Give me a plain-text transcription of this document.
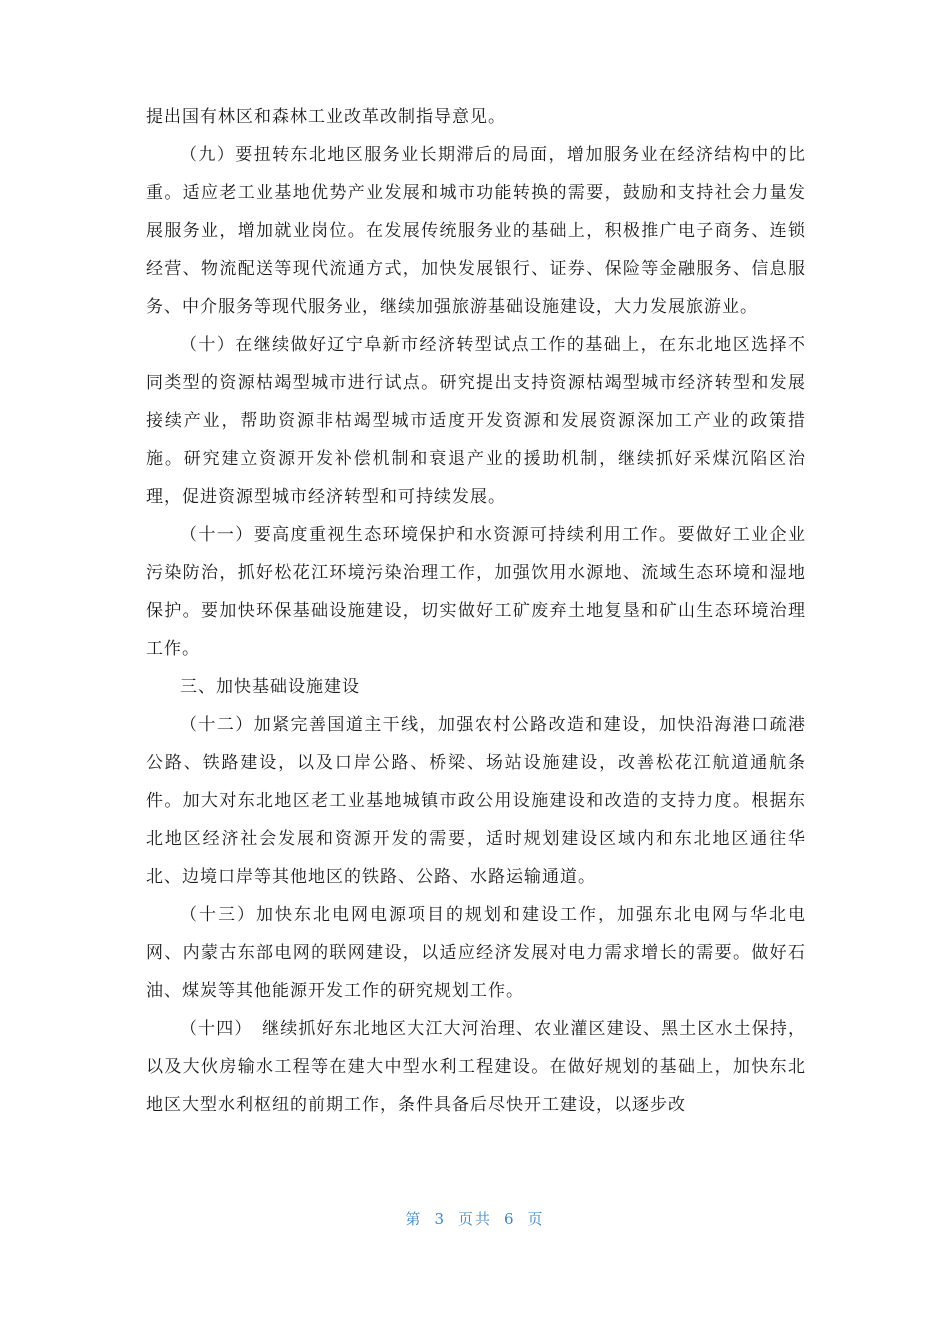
提出国有林区和森林工业改革改制指导意见。

（九）要扭转东北地区服务业长期滞后的局面，增加服务业在经济结构中的比重。适应老工业基地优势产业发展和城市功能转换的需要，鼓励和支持社会力量发展服务业，增加就业岗位。在发展传统服务业的基础上，积极推广电子商务、连锁经营、物流配送等现代流通方式，加快发展银行、证券、保险等金融服务、信息服务、中介服务等现代服务业，继续加强旅游基础设施建设，大力发展旅游业。

（十）在继续做好辽宁阜新市经济转型试点工作的基础上，在东北地区选择不同类型的资源枯竭型城市进行试点。研究提出支持资源枯竭型城市经济转型和发展接续产业，帮助资源非枯竭型城市适度开发资源和发展资源深加工产业的政策措施。研究建立资源开发补偿机制和衰退产业的援助机制，继续抓好采煤沉陷区治理，促进资源型城市经济转型和可持续发展。

（十一）要高度重视生态环境保护和水资源可持续利用工作。要做好工业企业污染防治，抓好松花江环境污染治理工作，加强饮用水源地、流域生态环境和湿地保护。要加快环保基础设施建设，切实做好工矿废弃土地复垦和矿山生态环境治理工作。

三、加快基础设施建设

（十二）加紧完善国道主干线，加强农村公路改造和建设，加快沿海港口疏港公路、铁路建设，以及口岸公路、桥梁、场站设施建设，改善松花江航道通航条件。加大对东北地区老工业基地城镇市政公用设施建设和改造的支持力度。根据东北地区经济社会发展和资源开发的需要，适时规划建设区域内和东北地区通往华北、边境口岸等其他地区的铁路、公路、水路运输通道。

（十三）加快东北电网电源项目的规划和建设工作，加强东北电网与华北电网、内蒙古东部电网的联网建设，以适应经济发展对电力需求增长的需要。做好石油、煤炭等其他能源开发工作的研究规划工作。

（十四）　继续抓好东北地区大江大河治理、农业灌区建设、黑土区水土保持，以及大伙房输水工程等在建大中型水利工程建设。在做好规划的基础上，加快东北地区大型水利枢纽的前期工作，条件具备后尽快开工建设，以逐步改

第 3 页共 6 页
